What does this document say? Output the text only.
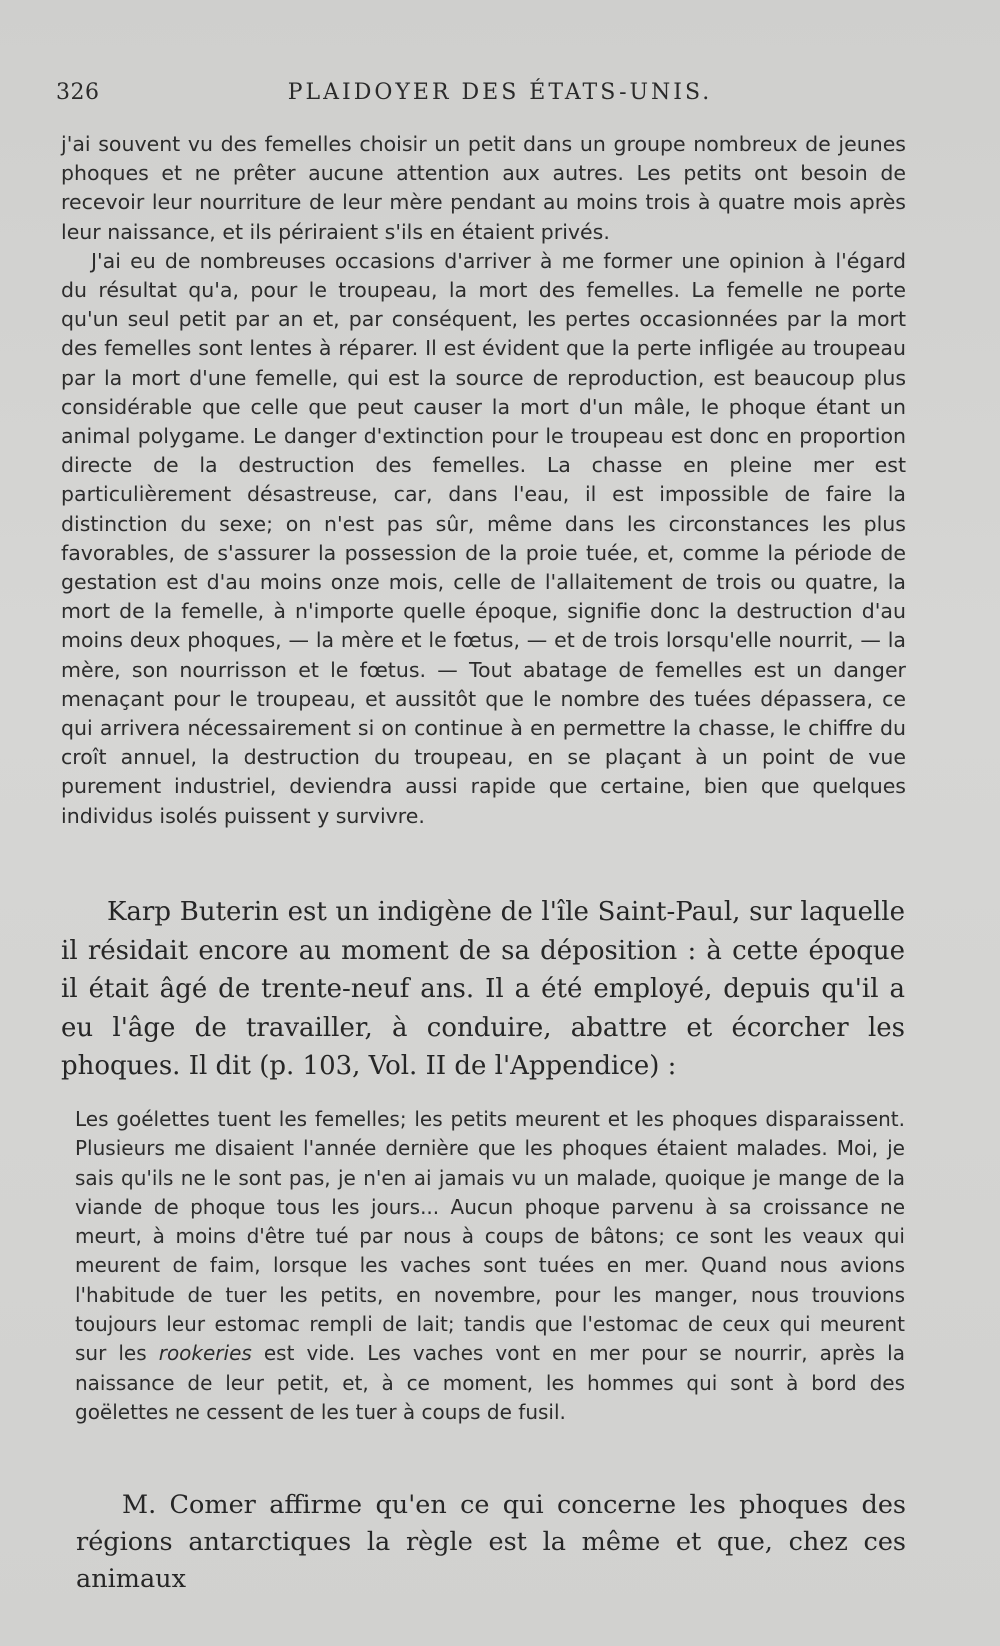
326	PLAIDOYER DES ÉTATS-UNIS.

j'ai souvent vu des femelles choisir un petit dans un groupe nombreux de jeunes phoques et ne prêter aucune attention aux autres. Les petits ont besoin de recevoir leur nourriture de leur mère pendant au moins trois à quatre mois après leur naissance, et ils périraient s'ils en étaient privés.

J'ai eu de nombreuses occasions d'arriver à me former une opinion à l'égard du résultat qu'a, pour le troupeau, la mort des femelles. La femelle ne porte qu'un seul petit par an et, par conséquent, les pertes occasionnées par la mort des femelles sont lentes à réparer. Il est évident que la perte infligée au troupeau par la mort d'une femelle, qui est la source de reproduction, est beaucoup plus considérable que celle que peut causer la mort d'un mâle, le phoque étant un animal polygame. Le danger d'extinction pour le troupeau est donc en proportion directe de la destruction des femelles. La chasse en pleine mer est particulièrement désastreuse, car, dans l'eau, il est impossible de faire la distinction du sexe; on n'est pas sûr, même dans les circonstances les plus favorables, de s'assurer la possession de la proie tuée, et, comme la période de gestation est d'au moins onze mois, celle de l'allaitement de trois ou quatre, la mort de la femelle, à n'importe quelle époque, signifie donc la destruction d'au moins deux phoques, — la mère et le fœtus, — et de trois lorsqu'elle nourrit, — la mère, son nourrisson et le fœtus. — Tout abatage de femelles est un danger menaçant pour le troupeau, et aussitôt que le nombre des tuées dépassera, ce qui arrivera nécessairement si on continue à en permettre la chasse, le chiffre du croît annuel, la destruction du troupeau, en se plaçant à un point de vue purement industriel, deviendra aussi rapide que certaine, bien que quelques individus isolés puissent y survivre.

Karp Buterin est un indigène de l'île Saint-Paul, sur laquelle il résidait encore au moment de sa déposition : à cette époque il était âgé de trente-neuf ans. Il a été employé, depuis qu'il a eu l'âge de travailler, à conduire, abattre et écorcher les phoques. Il dit (p. 103, Vol. II de l'Appendice) :

Les goélettes tuent les femelles; les petits meurent et les phoques disparaissent. Plusieurs me disaient l'année dernière que les phoques étaient malades. Moi, je sais qu'ils ne le sont pas, je n'en ai jamais vu un malade, quoique je mange de la viande de phoque tous les jours... Aucun phoque parvenu à sa croissance ne meurt, à moins d'être tué par nous à coups de bâtons; ce sont les veaux qui meurent de faim, lorsque les vaches sont tuées en mer. Quand nous avions l'habitude de tuer les petits, en novembre, pour les manger, nous trouvions toujours leur estomac rempli de lait; tandis que l'estomac de ceux qui meurent sur les rookeries est vide. Les vaches vont en mer pour se nourrir, après la naissance de leur petit, et, à ce moment, les hommes qui sont à bord des goëlettes ne cessent de les tuer à coups de fusil.

M. Comer affirme qu'en ce qui concerne les phoques des régions antarctiques la règle est la même et que, chez ces animaux
